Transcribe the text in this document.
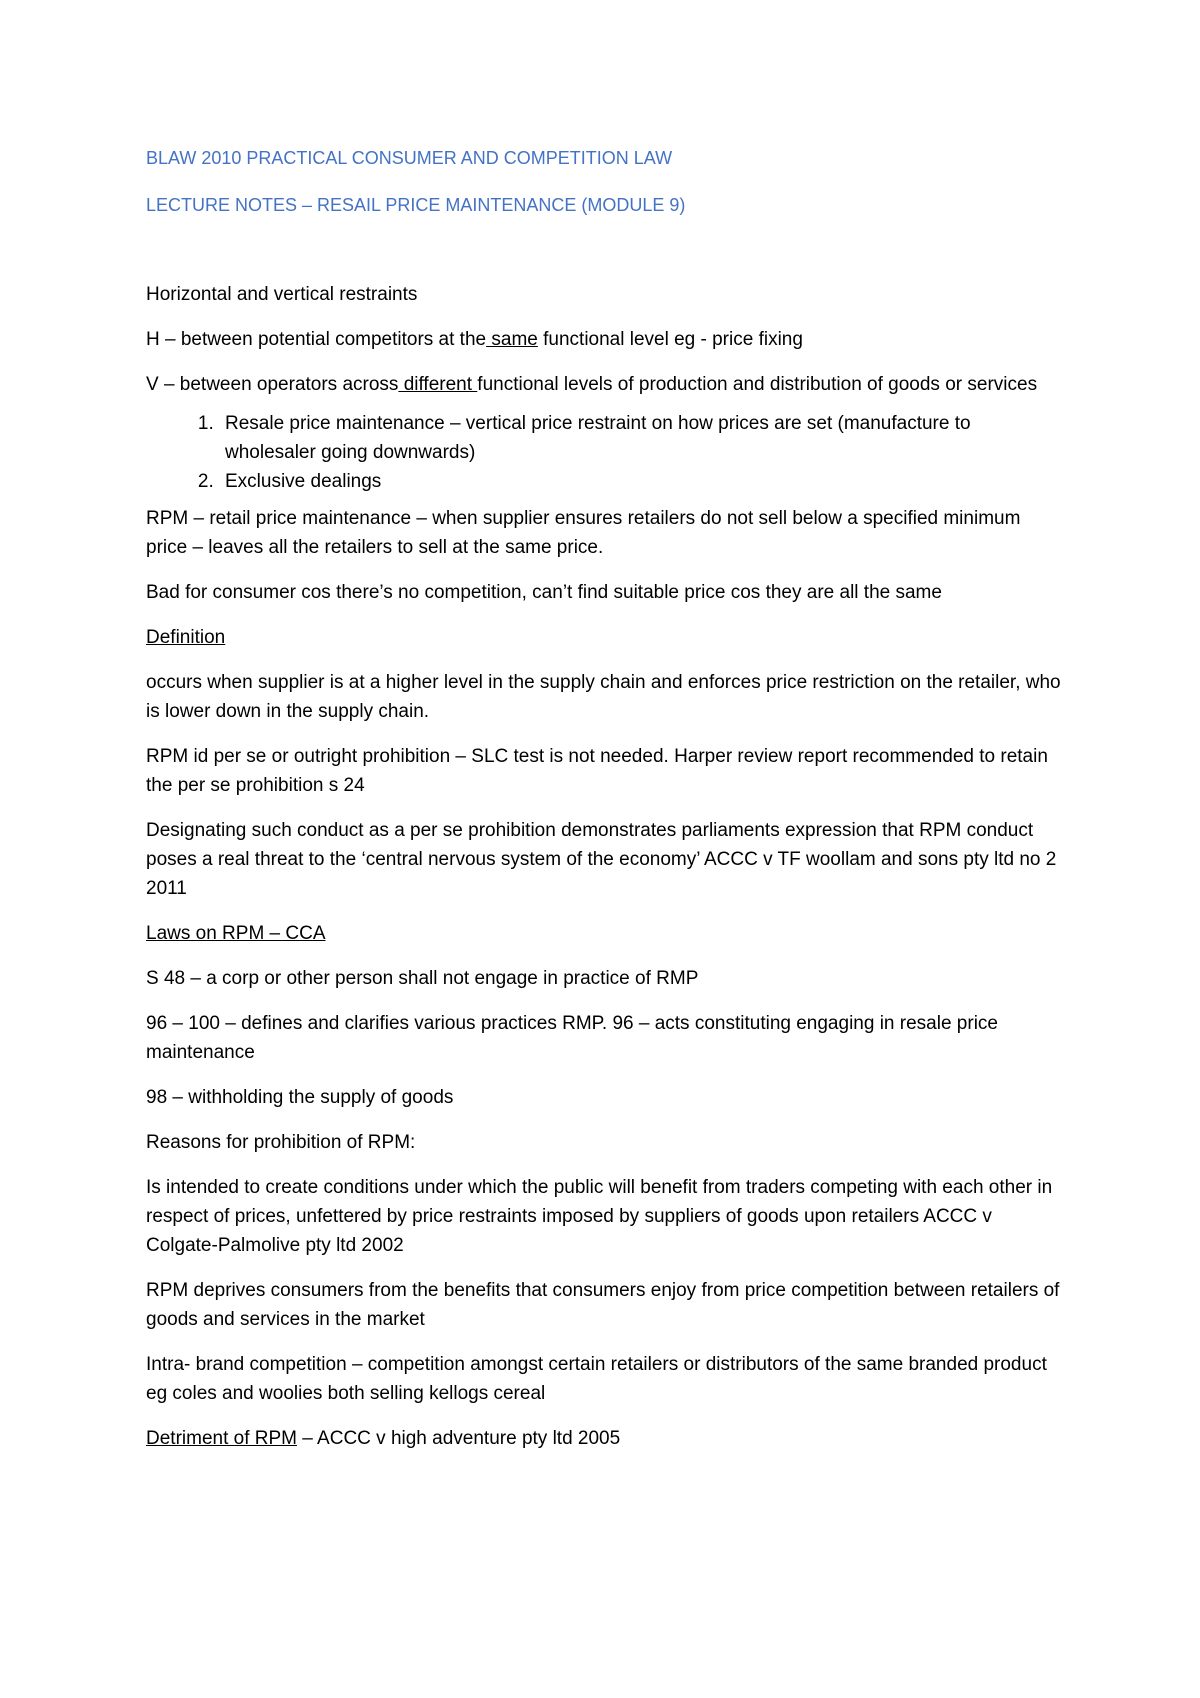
BLAW 2010 PRACTICAL CONSUMER AND COMPETITION LAW

LECTURE NOTES – RESAIL PRICE MAINTENANCE (MODULE 9)

Horizontal and vertical restraints

H – between potential competitors at the same functional level eg - price fixing

V – between operators across different functional levels of production and distribution of goods or services

1. Resale price maintenance – vertical price restraint on how prices are set (manufacture to wholesaler going downwards)
2. Exclusive dealings

RPM – retail price maintenance – when supplier ensures retailers do not sell below a specified minimum price – leaves all the retailers to sell at the same price.

Bad for consumer cos there’s no competition, can’t find suitable price cos they are all the same

Definition

occurs when supplier is at a higher level in the supply chain and enforces price restriction on the retailer, who is lower down in the supply chain.

RPM id per se or outright prohibition – SLC test is not needed. Harper review report recommended to retain the per se prohibition s 24

Designating such conduct as a per se prohibition demonstrates parliaments expression that RPM conduct poses a real threat to the ‘central nervous system of the economy’ ACCC v TF woollam and sons pty ltd no 2 2011

Laws on RPM – CCA

S 48 – a corp or other person shall not engage in practice of RMP

96 – 100 – defines and clarifies various practices RMP. 96 – acts constituting engaging in resale price maintenance

98 – withholding the supply of goods

Reasons for prohibition of RPM:

Is intended to create conditions under which the public will benefit from traders competing with each other in respect of prices, unfettered by price restraints imposed by suppliers of goods upon retailers ACCC v Colgate-Palmolive pty ltd 2002

RPM deprives consumers from the benefits that consumers enjoy from price competition between retailers of goods and services in the market

Intra- brand competition – competition amongst certain retailers or distributors of the same branded product eg coles and woolies both selling kellogs cereal

Detriment of RPM – ACCC v high adventure pty ltd 2005
